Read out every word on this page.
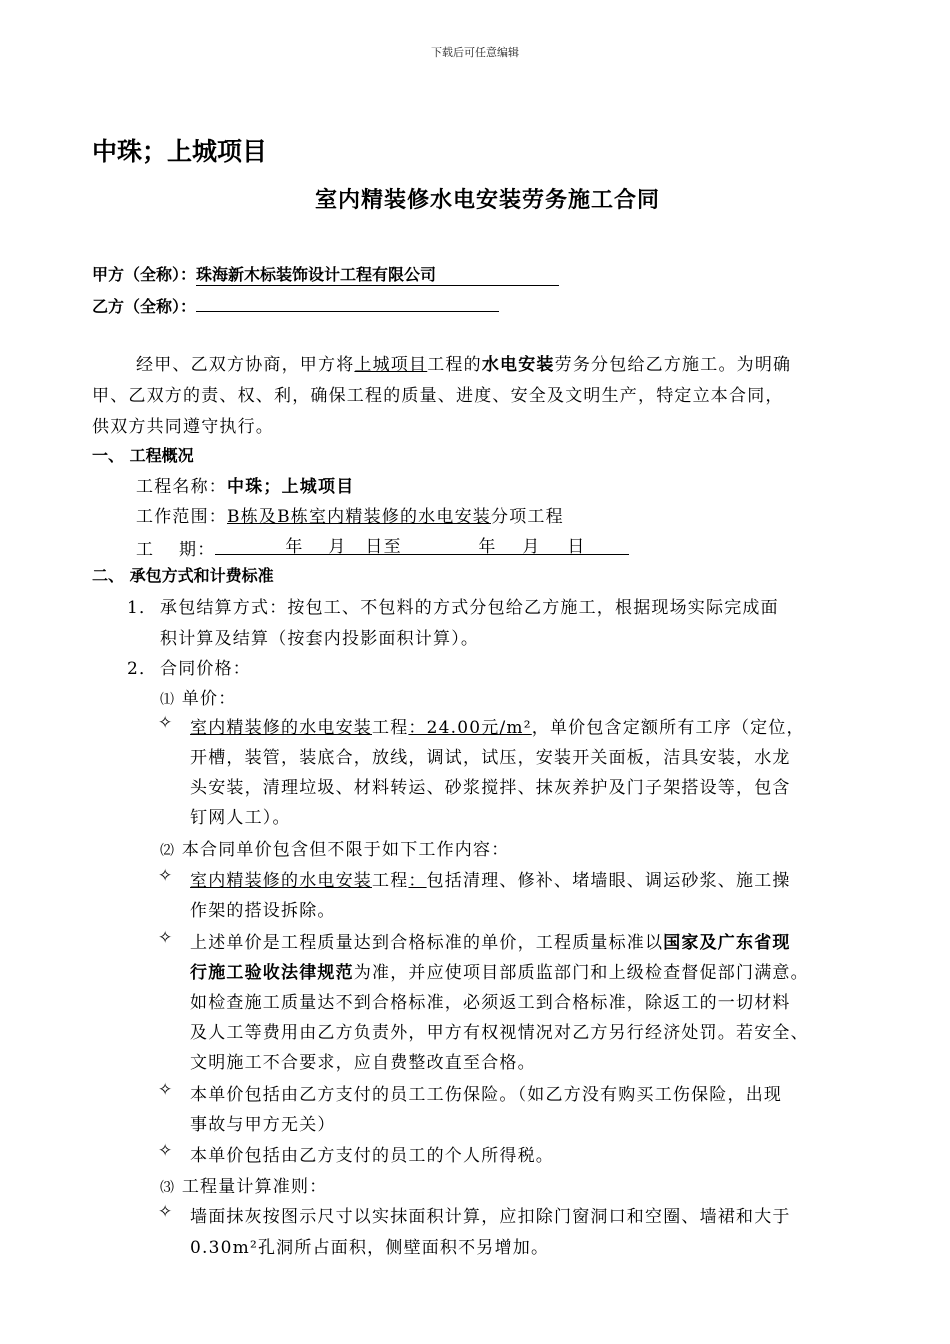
下载后可任意编辑
中珠；上城项目
室内精装修水电安装劳务施工合同
甲方（全称）：珠海新木标装饰设计工程有限公司
乙方（全称）：
经甲、乙双方协商，甲方将上城项目工程的水电安装劳务分包给乙方施工。为明确
甲、乙双方的责、权、利，确保工程的质量、进度、安全及文明生产，特定立本合同，
供双方共同遵守执行。
一、 工程概况
工程名称：中珠；上城项目
工作范围：B栋及B栋室内精装修的水电安装分项工程
工　 期：	年 月 日至	年 月 日
二、 承包方式和计费标准
1． 承包结算方式：按包工、不包料的方式分包给乙方施工，根据现场实际完成面
积计算及结算（按套内投影面积计算）。
2． 合同价格：
⑴ 单价：
✧ 室内精装修的水电安装工程：24.00元/m²，单价包含定额所有工序（定位，
开槽，装管，装底合，放线，调试，试压，安装开关面板，洁具安装，水龙
头安装，清理垃圾、材料转运、砂浆搅拌、抹灰养护及门子架搭设等，包含
钉网人工）。
⑵ 本合同单价包含但不限于如下工作内容：
✧ 室内精装修的水电安装工程：包括清理、修补、堵墙眼、调运砂浆、施工操
作架的搭设拆除。
✧ 上述单价是工程质量达到合格标准的单价，工程质量标准以国家及广东省现
行施工验收法律规范为准，并应使项目部质监部门和上级检查督促部门满意。
如检查施工质量达不到合格标准，必须返工到合格标准，除返工的一切材料
及人工等费用由乙方负责外，甲方有权视情况对乙方另行经济处罚。若安全、
文明施工不合要求，应自费整改直至合格。
✧ 本单价包括由乙方支付的员工工伤保险。（如乙方没有购买工伤保险，出现
事故与甲方无关）
✧ 本单价包括由乙方支付的员工的个人所得税。
⑶ 工程量计算准则：
✧ 墙面抹灰按图示尺寸以实抹面积计算，应扣除门窗洞口和空圈、墙裙和大于
0.30m²孔洞所占面积，侧壁面积不另增加。
